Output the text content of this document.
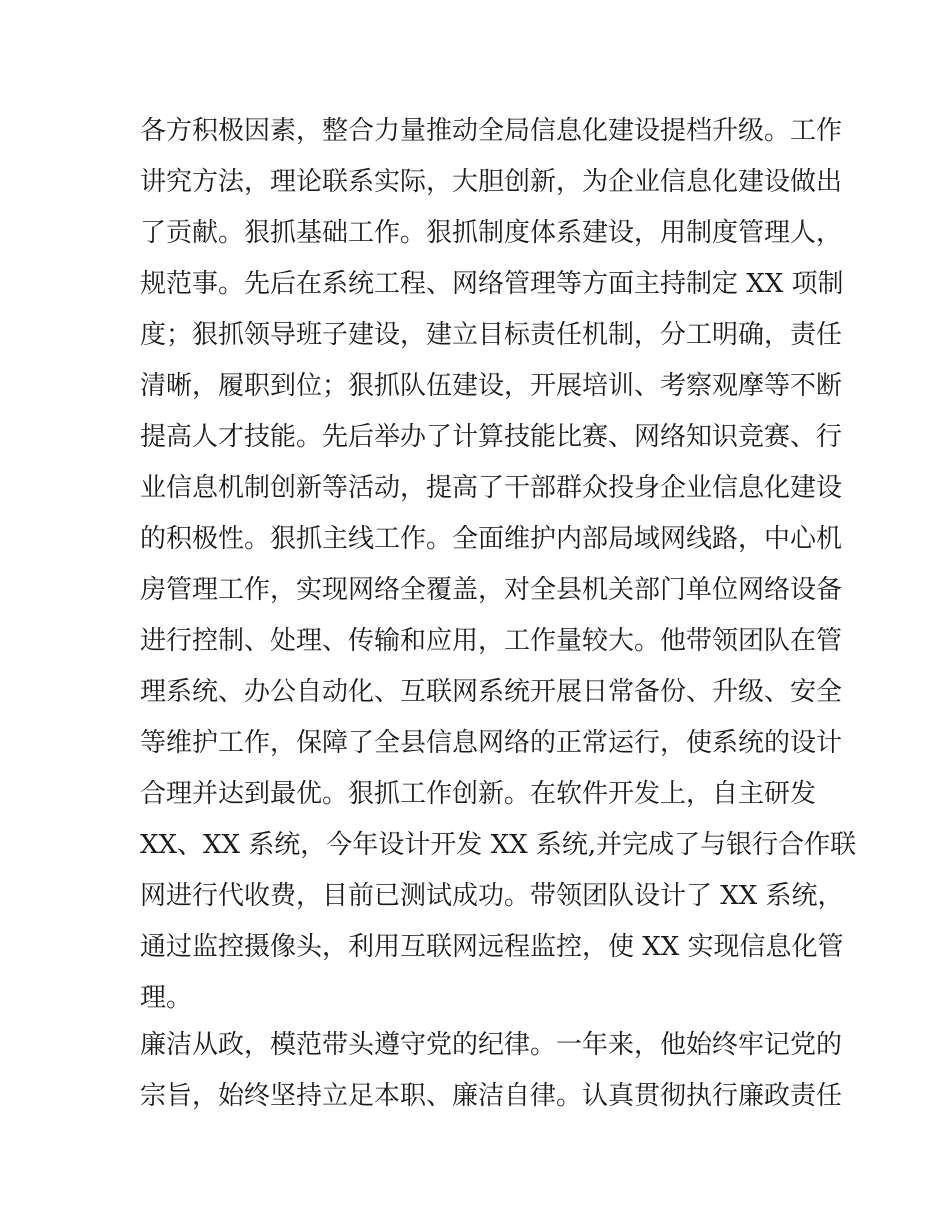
各方积极因素，整合力量推动全局信息化建设提档升级。工作
讲究方法，理论联系实际，大胆创新，为企业信息化建设做出
了贡献。狠抓基础工作。狠抓制度体系建设，用制度管理人，
规范事。先后在系统工程、网络管理等方面主持制定 XX 项制
度；狠抓领导班子建设，建立目标责任机制，分工明确，责任
清晰，履职到位；狠抓队伍建设，开展培训、考察观摩等不断
提高人才技能。先后举办了计算技能比赛、网络知识竞赛、行
业信息机制创新等活动，提高了干部群众投身企业信息化建设
的积极性。狠抓主线工作。全面维护内部局域网线路，中心机
房管理工作，实现网络全覆盖，对全县机关部门单位网络设备
进行控制、处理、传输和应用，工作量较大。他带领团队在管
理系统、办公自动化、互联网系统开展日常备份、升级、安全
等维护工作，保障了全县信息网络的正常运行，使系统的设计
合理并达到最优。狠抓工作创新。在软件开发上，自主研发
XX、XX 系统，今年设计开发 XX 系统,并完成了与银行合作联
网进行代收费，目前已测试成功。带领团队设计了 XX 系统，
通过监控摄像头，利用互联网远程监控，使 XX 实现信息化管
理。
廉洁从政，模范带头遵守党的纪律。一年来，他始终牢记党的
宗旨，始终坚持立足本职、廉洁自律。认真贯彻执行廉政责任
